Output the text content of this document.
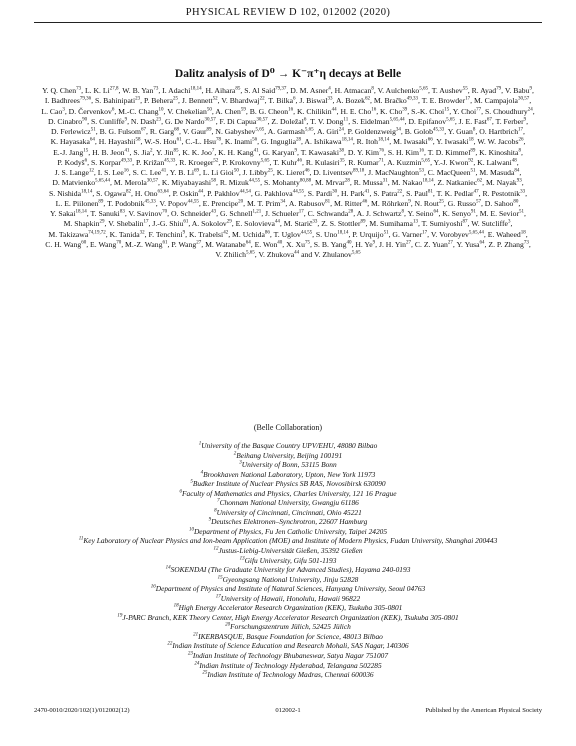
PHYSICAL REVIEW D 102, 012002 (2020)
Dalitz analysis of D⁰ → K⁻π⁺η decays at Belle
Y. Q. Chen$^{73}$, L. K. Li$^{27,8}$, W. B. Yan$^{73}$, I. Adachi$^{18,14}$, H. Aihara$^{85}$, S. Al Said$^{79,37}$, D. M. Asner$^4$, H. Atmacan$^8$, V. Aulchenko$^{5,65}$, T. Aushev$^{55}$, R. Ayad$^{79}$, V. Babu$^9$, I. Badhrees$^{79,36}$, S. Bahinipati$^{23}$, P. Behera$^{25}$, J. Bennett$^{52}$, V. Bhardwaj$^{22}$, T. Bilka$^6$, J. Biswal$^{33}$, A. Bozek$^{62}$, M. Bračko$^{49,33}$, T. E. Browder$^{17}$, M. Campajola$^{30,57}$, L. Cao$^3$, D. Červenkov$^6$, M.-C. Chang$^{10}$, V. Chekelian$^{50}$, A. Chen$^{59}$, B. G. Cheon$^{16}$, K. Chilikin$^{44}$, H. E. Cho$^{16}$, K. Cho$^{39}$, S.-K. Choi$^{15}$, Y. Choi$^{77}$, S. Choudhury$^{24}$, D. Cinabro$^{90}$, S. Cunliffe$^9$, N. Dash$^{23}$, G. De Nardo$^{30,57}$, F. Di Capua$^{30,57}$, Z. Doležal$^6$, T. V. Dong$^{11}$, S. Eidelman$^{5,65,44}$, D. Epifanov$^{5,65}$, J. E. Fast$^{67}$, T. Ferber$^9$, D. Ferlewicz$^{51}$, B. G. Fulsom$^{67}$, R. Garg$^{68}$, V. Gaur$^{89}$, N. Gabyshev$^{5,65}$, A. Garmash$^{5,65}$, A. Giri$^{24}$, P. Goldenzweig$^{34}$, B. Golob$^{45,33}$, Y. Guan$^8$, O. Hartbrich$^{17}$, K. Hayasaka$^{64}$, H. Hayashii$^{58}$, W.-S. Hou$^{61}$, C.-L. Hsu$^{78}$, K. Inami$^{56}$, G. Inguglia$^{28}$, A. Ishikawa$^{18,14}$, R. Itoh$^{18,14}$, M. Iwasaki$^{66}$, Y. Iwasaki$^{18}$, W. W. Jacobs$^{26}$, E.-J. Jang$^{15}$, H. B. Jeon$^{41}$, S. Jia$^2$, Y. Jin$^{85}$, K. K. Joo$^7$, K. H. Kang$^{41}$, G. Karyan$^9$, T. Kawasaki$^{38}$, D. Y. Kim$^{76}$, S. H. Kim$^{16}$, T. D. Kimmel$^{89}$, K. Kinoshita$^8$, P. Kodyš$^6$, S. Korpar$^{49,33}$, P. Križan$^{45,33}$, R. Kroeger$^{52}$, P. Krokovny$^{5,65}$, T. Kuhr$^{46}$, R. Kulasiri$^{35}$, R. Kumar$^{71}$, A. Kuzmin$^{5,65}$, Y.-J. Kwon$^{92}$, K. Lalwani$^{48}$, J. S. Lange$^{12}$, I. S. Lee$^{16}$, S. C. Lee$^{41}$, Y. B. Li$^{69}$, L. Li Gioi$^{50}$, J. Libby$^{25}$, K. Lieret$^{46}$, D. Liventsev$^{89,18}$, J. MacNaughton$^{53}$, C. MacQueen$^{51}$, M. Masuda$^{84}$, D. Matvienko$^{5,65,44}$, M. Merola$^{30,57}$, K. Miyabayashi$^{58}$, R. Mizuk$^{44,55}$, S. Mohanty$^{80,88}$, M. Mrvar$^{28}$, R. Mussa$^{31}$, M. Nakao$^{18,14}$, Z. Natkaniec$^{62}$, M. Nayak$^{93}$, S. Nishida$^{18,14}$, S. Ogawa$^{82}$, H. Ono$^{63,64}$, P. Oskin$^{44}$, P. Pakhlov$^{44,54}$, G. Pakhlova$^{44,55}$, S. Pardi$^{30}$, H. Park$^{41}$, S. Patra$^{22}$, S. Paul$^{81}$, T. K. Pedlar$^{47}$, R. Pestotnik$^{33}$, L. E. Piilonen$^{89}$, T. Podobnik$^{45,33}$, V. Popov$^{44,55}$, E. Prencipe$^{20}$, M. T. Prim$^{34}$, A. Rabusov$^{81}$, M. Ritter$^{46}$, M. Röhrken$^9$, N. Rout$^{25}$, G. Russo$^{57}$, D. Sahoo$^{80}$, Y. Sakai$^{18,14}$, T. Sanuki$^{83}$, V. Savinov$^{70}$, O. Schneider$^{43}$, G. Schnell$^{1,21}$, J. Schueler$^{17}$, C. Schwanda$^{28}$, A. J. Schwartz$^8$, Y. Seino$^{64}$, K. Senyo$^{91}$, M. E. Sevior$^{51}$, M. Shapkin$^{29}$, V. Shebalin$^{17}$, J.-G. Shiu$^{61}$, A. Sokolov$^{29}$, E. Solovieva$^{44}$, M. Starič$^{33}$, Z. S. Stottler$^{89}$, M. Sumihama$^{13}$, T. Sumiyoshi$^{87}$, W. Sutcliffe$^3$, M. Takizawa$^{74,19,72}$, K. Tanida$^{32}$, F. Tenchini$^9$, K. Trabelsi$^{42}$, M. Uchida$^{86}$, T. Uglov$^{44,55}$, S. Uno$^{18,14}$, P. Urquijo$^{51}$, G. Varner$^{17}$, V. Vorobyev$^{5,65,44}$, E. Waheed$^{18}$, C. H. Wang$^{60}$, E. Wang$^{70}$, M.-Z. Wang$^{61}$, P. Wang$^{27}$, M. Watanabe$^{64}$, E. Won$^{40}$, X. Xu$^{75}$, S. B. Yang$^{40}$, H. Ye$^9$, J. H. Yin$^{27}$, C. Z. Yuan$^{27}$, Y. Yusa$^{64}$, Z. P. Zhang$^{73}$, V. Zhilich$^{5,65}$, V. Zhukova$^{44}$ and V. Zhulanov$^{5,65}$
(Belle Collaboration)
$^1$University of the Basque Country UPV/EHU, 48080 Bilbao
$^2$Beihang University, Beijing 100191
$^3$University of Bonn, 53115 Bonn
$^4$Brookhaven National Laboratory, Upton, New York 11973
$^5$Budker Institute of Nuclear Physics SB RAS, Novosibirsk 630090
$^6$Faculty of Mathematics and Physics, Charles University, 121 16 Prague
$^7$Chonnam National University, Gwangju 61186
$^8$University of Cincinnati, Cincinnati, Ohio 45221
$^9$Deutsches Elektronen–Synchrotron, 22607 Hamburg
$^{10}$Department of Physics, Fu Jen Catholic University, Taipei 24205
$^{11}$Key Laboratory of Nuclear Physics and Ion-beam Application (MOE) and Institute of Modern Physics, Fudan University, Shanghai 200443
$^{12}$Justus-Liebig-Universität Gießen, 35392 Gießen
$^{13}$Gifu University, Gifu 501-1193
$^{14}$SOKENDAI (The Graduate University for Advanced Studies), Hayama 240-0193
$^{15}$Gyeongsang National University, Jinju 52828
$^{16}$Department of Physics and Institute of Natural Sciences, Hanyang University, Seoul 04763
$^{17}$University of Hawaii, Honolulu, Hawaii 96822
$^{18}$High Energy Accelerator Research Organization (KEK), Tsukuba 305-0801
$^{19}$J-PARC Branch, KEK Theory Center, High Energy Accelerator Research Organization (KEK), Tsukuba 305-0801
$^{20}$Forschungszentrum Jülich, 52425 Jülich
$^{21}$IKERBASQUE, Basque Foundation for Science, 48013 Bilbao
$^{22}$Indian Institute of Science Education and Research Mohali, SAS Nagar, 140306
$^{23}$Indian Institute of Technology Bhubaneswar, Satya Nagar 751007
$^{24}$Indian Institute of Technology Hyderabad, Telangana 502285
$^{25}$Indian Institute of Technology Madras, Chennai 600036
2470-0010/2020/102(1)/012002(12)	012002-1	Published by the American Physical Society
